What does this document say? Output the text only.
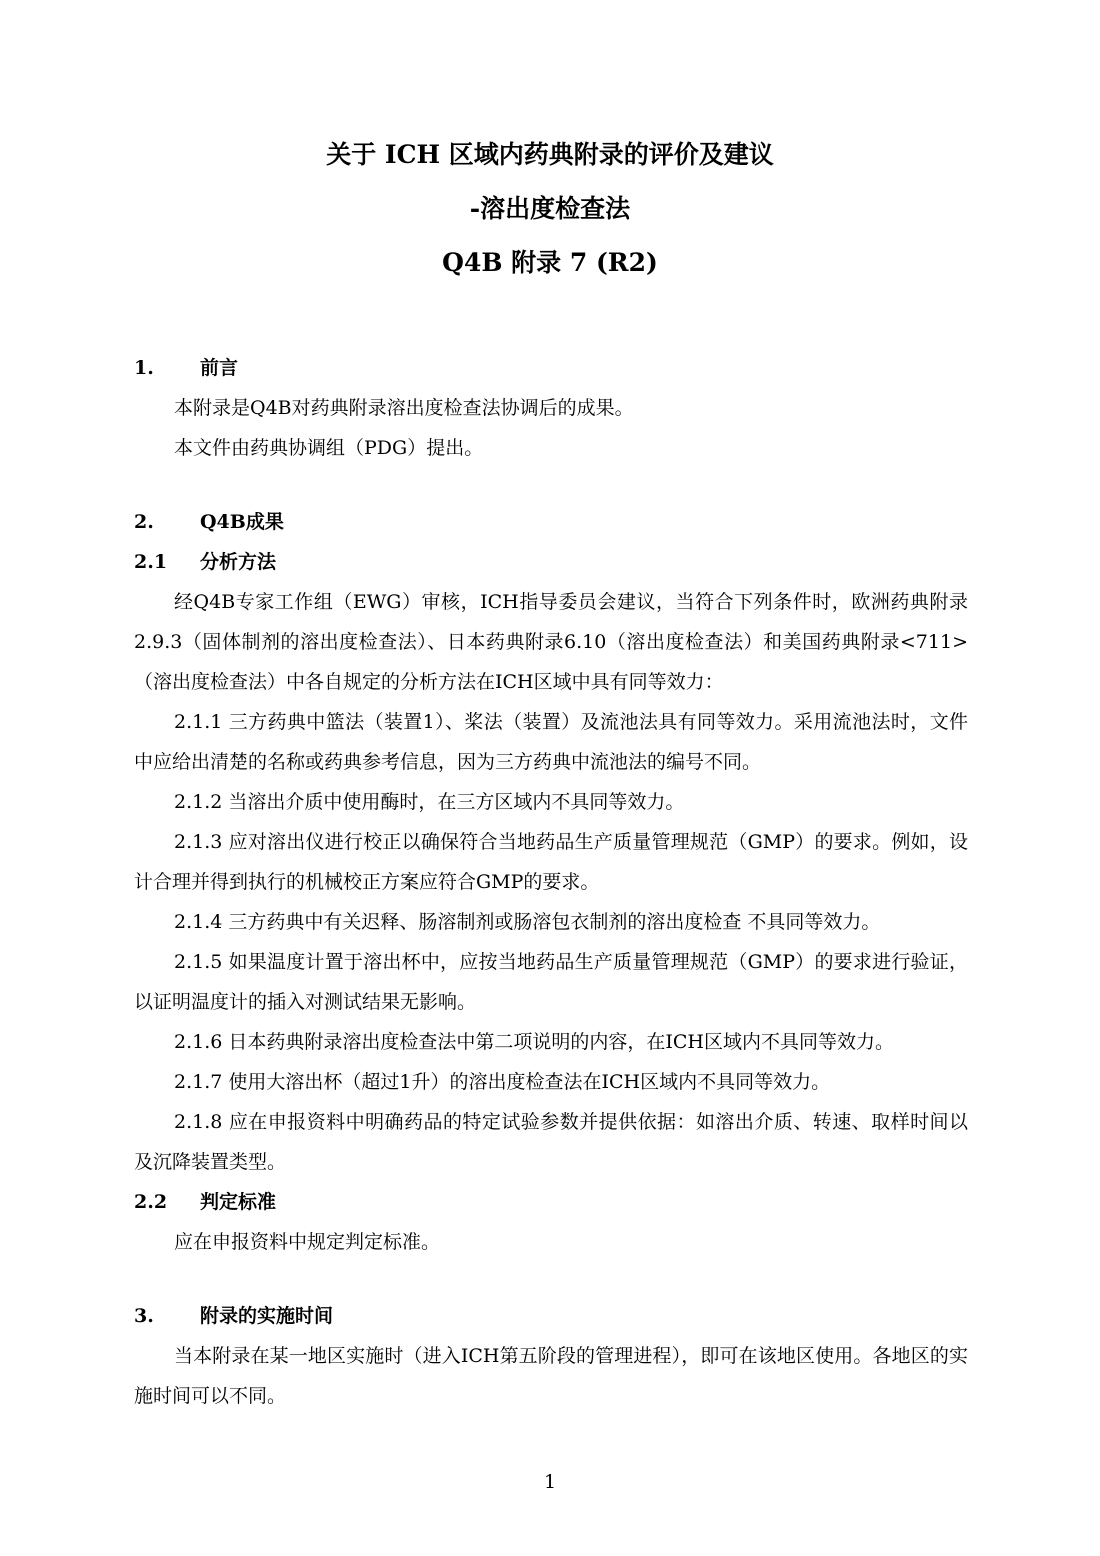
关于 ICH 区域内药典附录的评价及建议
-溶出度检查法
Q4B 附录 7 (R2)
1.	前言

本附录是Q4B对药典附录溶出度检查法协调后的成果。

本文件由药典协调组（PDG）提出。

2.	Q4B成果
2.1	分析方法

经Q4B专家工作组（EWG）审核，ICH指导委员会建议，当符合下列条件时，欧洲药典附录2.9.3（固体制剂的溶出度检查法）、日本药典附录6.10（溶出度检查法）和美国药典附录<711>（溶出度检查法）中各自规定的分析方法在ICH区域中具有同等效力：

2.1.1 三方药典中篮法（装置1）、桨法（装置）及流池法具有同等效力。采用流池法时，文件中应给出清楚的名称或药典参考信息，因为三方药典中流池法的编号不同。

2.1.2 当溶出介质中使用酶时，在三方区域内不具同等效力。

2.1.3 应对溶出仪进行校正以确保符合当地药品生产质量管理规范（GMP）的要求。例如，设计合理并得到执行的机械校正方案应符合GMP的要求。

2.1.4 三方药典中有关迟释、肠溶制剂或肠溶包衣制剂的溶出度检查 不具同等效力。

2.1.5 如果温度计置于溶出杯中，应按当地药品生产质量管理规范（GMP）的要求进行验证，以证明温度计的插入对测试结果无影响。

2.1.6 日本药典附录溶出度检查法中第二项说明的内容，在ICH区域内不具同等效力。

2.1.7 使用大溶出杯（超过1升）的溶出度检查法在ICH区域内不具同等效力。

2.1.8 应在申报资料中明确药品的特定试验参数并提供依据：如溶出介质、转速、取样时间以及沉降装置类型。

2.2	判定标准

应在申报资料中规定判定标准。

3.	附录的实施时间

当本附录在某一地区实施时（进入ICH第五阶段的管理进程），即可在该地区使用。各地区的实施时间可以不同。

1
